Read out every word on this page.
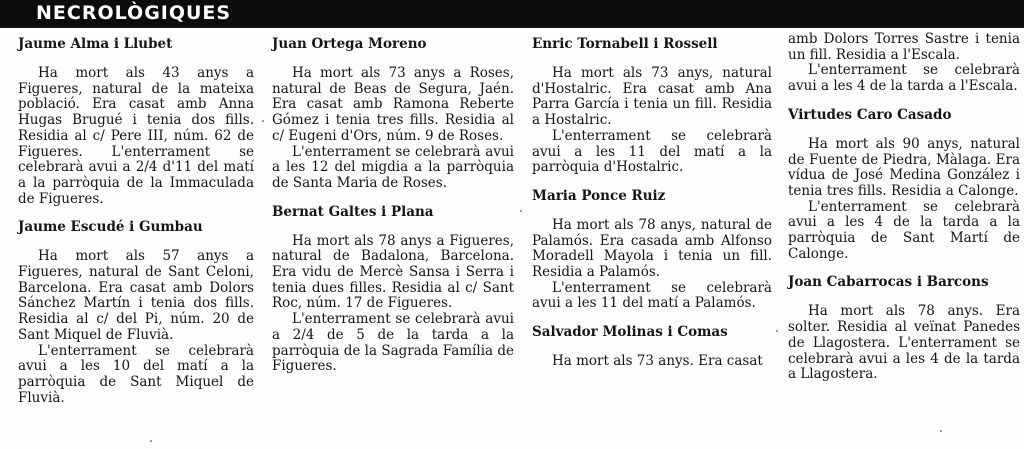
NECROLÒGIQUES
Jaume Alma i Llubet

Ha mort als 43 anys a Figueres, natural de la mateixa població. Era casat amb Anna Hugas Brugué i tenia dos fills. Residia al c/ Pere III, núm. 62 de Figueres. L'enterrament se celebrarà avui a 2/4 d'11 del matí a la parròquia de la Immaculada de Figueres.

Jaume Escudé i Gumbau

Ha mort als 57 anys a Figueres, natural de Sant Celoni, Barcelona. Era casat amb Dolors Sánchez Martín i tenia dos fills. Residia al c/ del Pi, núm. 20 de Sant Miquel de Fluvià.

L'enterrament se celebrarà avui a les 10 del matí a la parròquia de Sant Miquel de Fluvià.

Juan Ortega Moreno

Ha mort als 73 anys a Roses, natural de Beas de Segura, Jaén. Era casat amb Ramona Reberte Gómez i tenia tres fills. Residia al c/ Eugeni d'Ors, núm. 9 de Roses.

L'enterrament se celebrarà avui a les 12 del migdia a la parròquia de Santa Maria de Roses.

Bernat Galtes i Plana

Ha mort als 78 anys a Figueres, natural de Badalona, Barcelona. Era vidu de Mercè Sansa i Serra i tenia dues filles. Residia al c/ Sant Roc, núm. 17 de Figueres.

L'enterrament se celebrarà avui a 2/4 de 5 de la tarda a la parròquia de la Sagrada Família de Figueres.

Enric Tornabell i Rossell

Ha mort als 73 anys, natural d'Hostalric. Era casat amb Ana Parra García i tenia un fill. Residia a Hostalric.

L'enterrament se celebrarà avui a les 11 del matí a la parròquia d'Hostalric.

Maria Ponce Ruiz

Ha mort als 78 anys, natural de Palamós. Era casada amb Alfonso Moradell Mayola i tenia un fill. Residia a Palamós.

L'enterrament se celebrarà avui a les 11 del matí a Palamós.

Salvador Molinas i Comas

Ha mort als 73 anys. Era casat

amb Dolors Torres Sastre i tenia un fill. Residia a l'Escala.

L'enterrament se celebrarà avui a les 4 de la tarda a l'Escala.

Virtudes Caro Casado

Ha mort als 90 anys, natural de Fuente de Piedra, Màlaga. Era vídua de José Medina González i tenia tres fills. Residia a Calonge.

L'enterrament se celebrarà avui a les 4 de la tarda a la parròquia de Sant Martí de Calonge.

Joan Cabarrocas i Barcons

Ha mort als 78 anys. Era solter. Residia al veïnat Panedes de Llagostera. L'enterrament se celebrarà avui a les 4 de la tarda a Llagostera.
